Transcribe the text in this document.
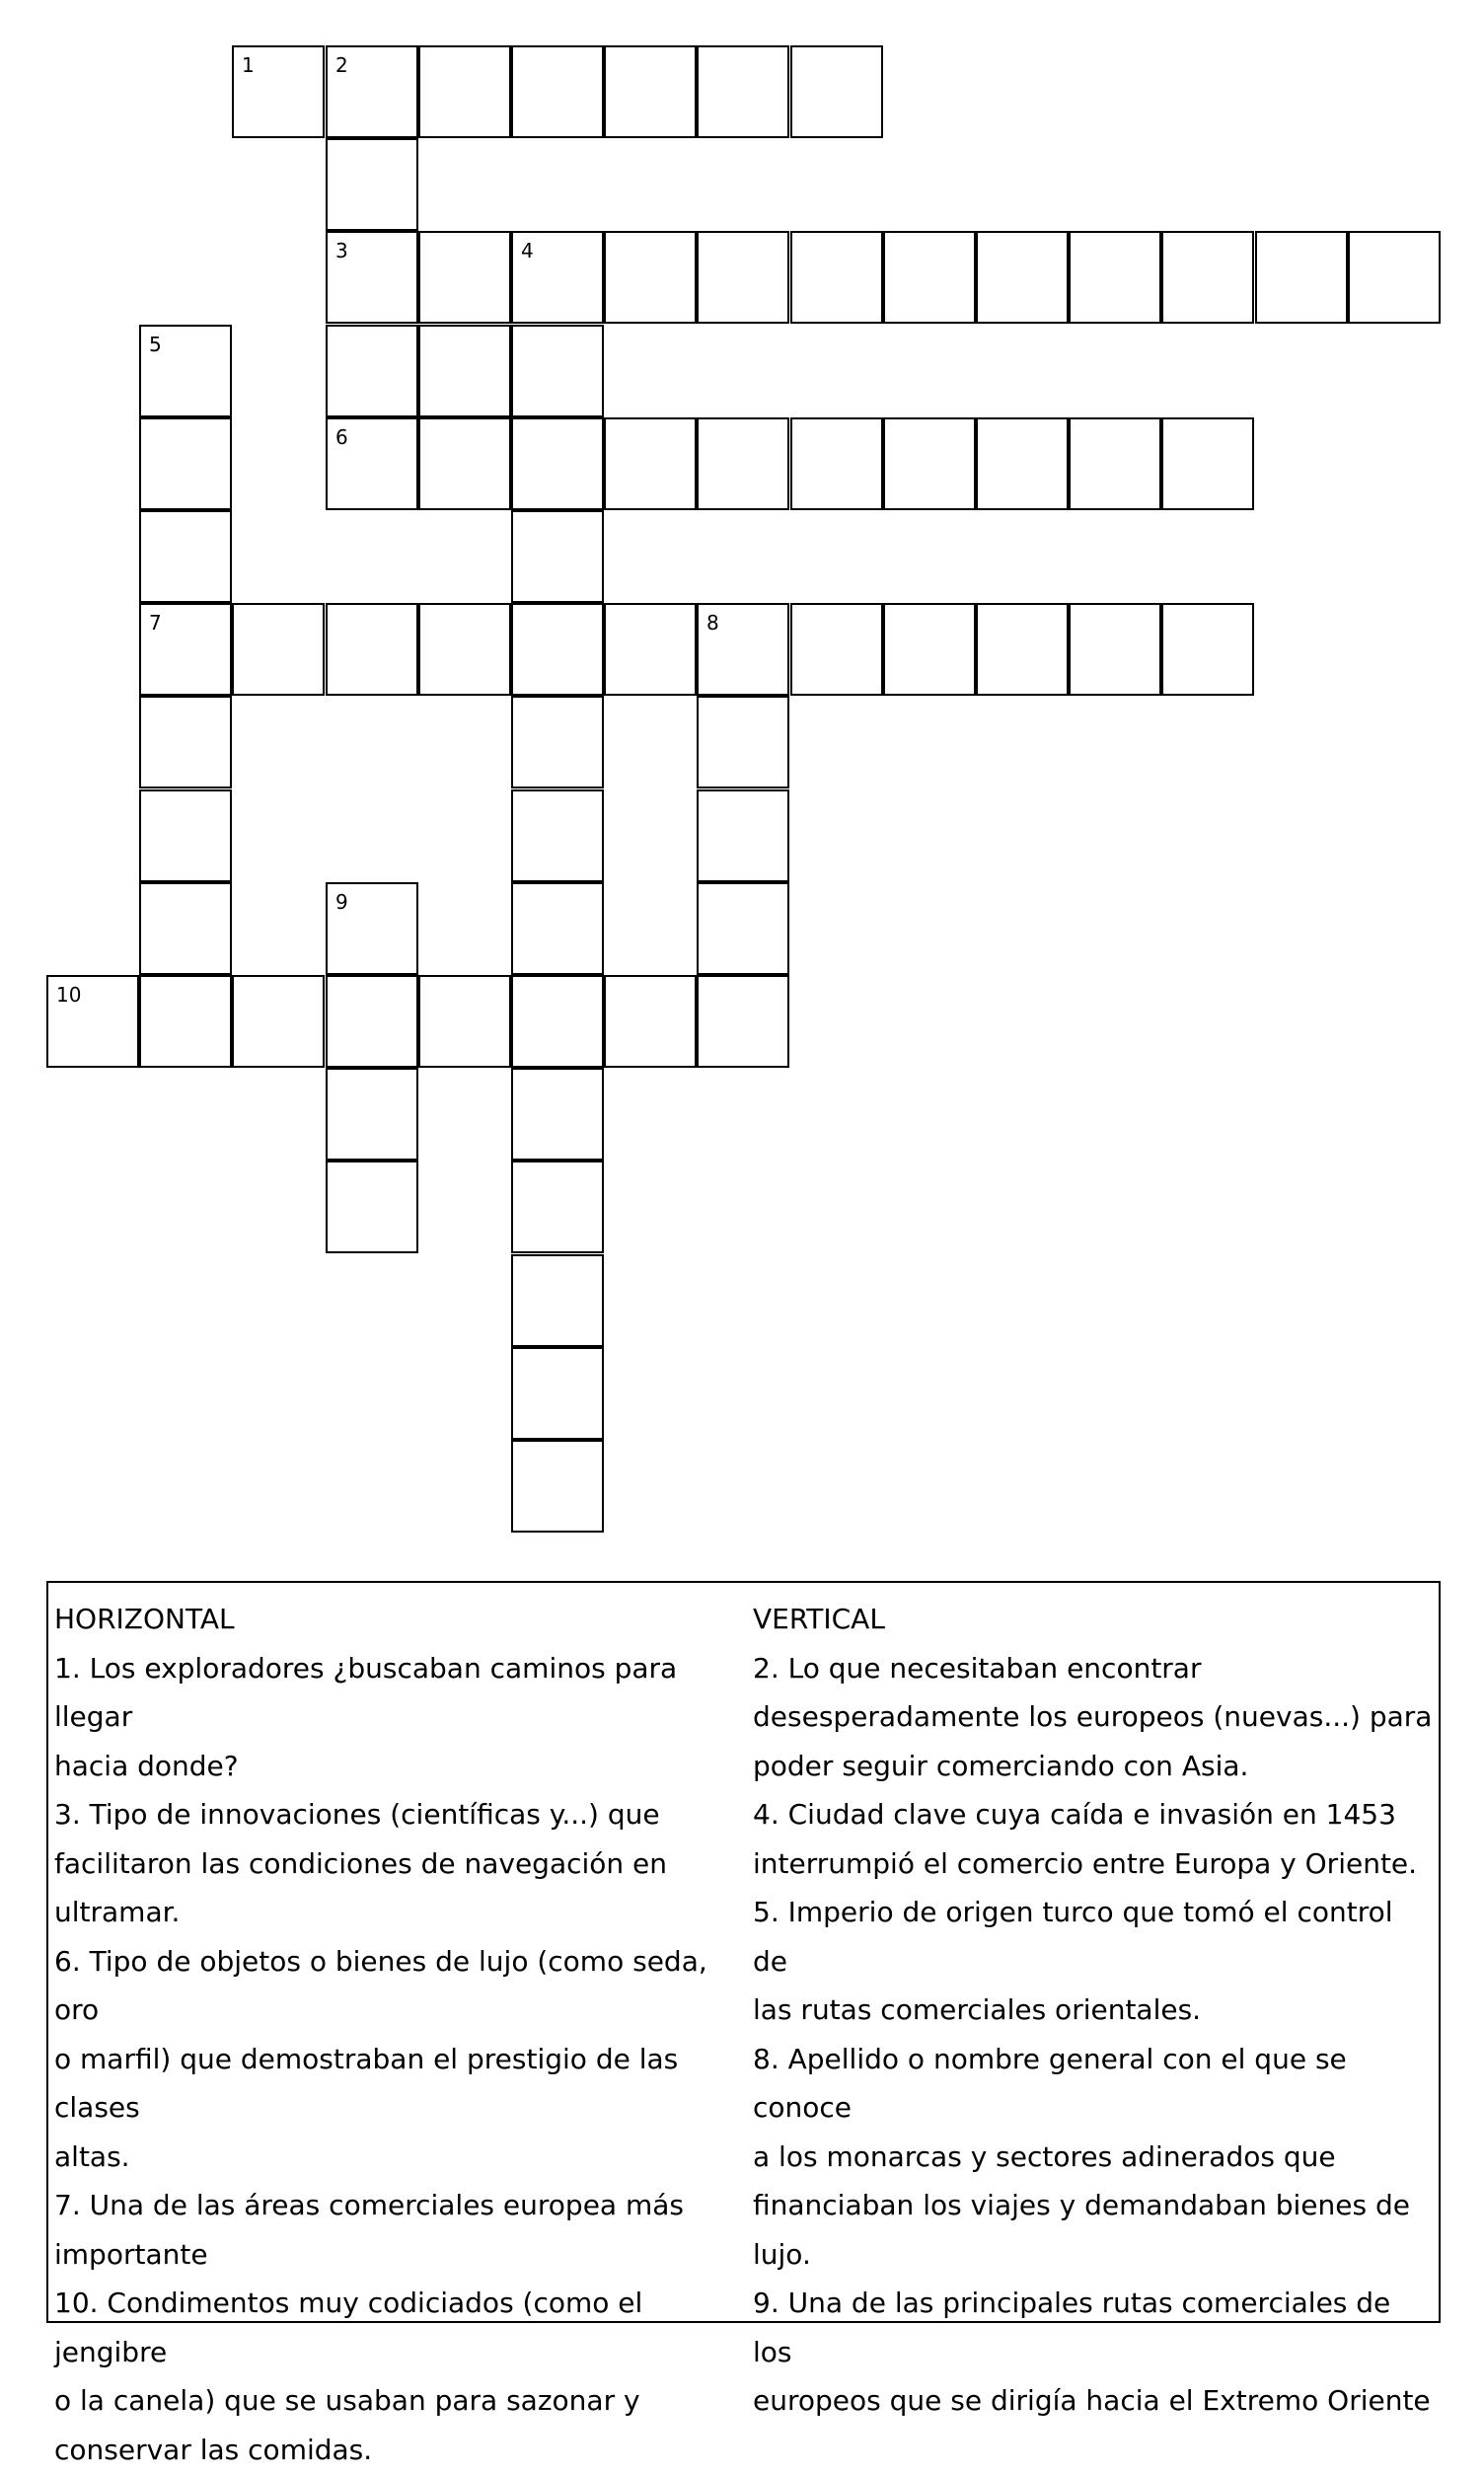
1	2
3	4
5
6
7	8
9
10
HORIZONTAL
1. Los exploradores ¿buscaban caminos para llegar
hacia donde?
3. Tipo de innovaciones (científicas y...) que
facilitaron las condiciones de navegación en
ultramar.
6. Tipo de objetos o bienes de lujo (como seda, oro
o marfil) que demostraban el prestigio de las clases
altas.
7. Una de las áreas comerciales europea más
importante
10. Condimentos muy codiciados (como el jengibre
o la canela) que se usaban para sazonar y
conservar las comidas.
VERTICAL
2. Lo que necesitaban encontrar
desesperadamente los europeos (nuevas...) para
poder seguir comerciando con Asia.
4. Ciudad clave cuya caída e invasión en 1453
interrumpió el comercio entre Europa y Oriente.
5. Imperio de origen turco que tomó el control de
las rutas comerciales orientales.
8. Apellido o nombre general con el que se conoce
a los monarcas y sectores adinerados que
financiaban los viajes y demandaban bienes de
lujo.
9. Una de las principales rutas comerciales de los
europeos que se dirigía hacia el Extremo Oriente
